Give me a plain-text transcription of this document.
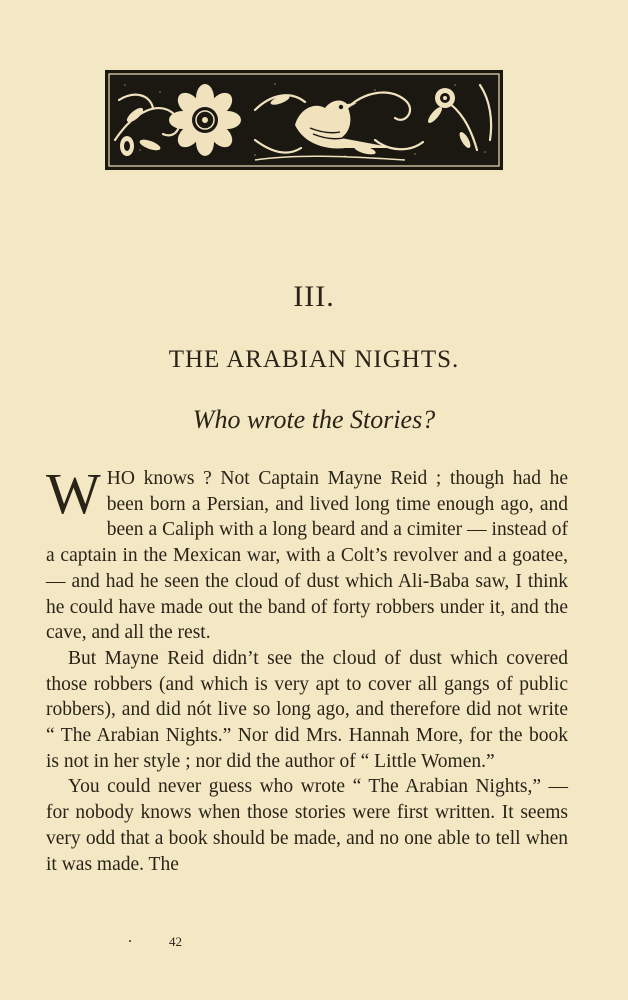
III.
THE ARABIAN NIGHTS.
Who wrote the Stories?

WHO knows ? Not Captain Mayne Reid ; though had he been born a Persian, and lived long time enough ago, and been a Caliph with a long beard and a cimiter — instead of a captain in the Mexican war, with a Colt’s revolver and a goatee, — and had he seen the cloud of dust which Ali-Baba saw, I think he could have made out the band of forty robbers under it, and the cave, and all the rest.

But Mayne Reid didn’t see the cloud of dust which covered those robbers (and which is very apt to cover all gangs of public robbers), and did nót live so long ago, and therefore did not write “ The Arabian Nights.” Nor did Mrs. Hannah More, for the book is not in her style ; nor did the author of “ Little Women.”

You could never guess who wrote “ The Arabian Nights,” — for nobody knows when those stories were first written. It seems very odd that a book should be made, and no one able to tell when it was made. The

42
